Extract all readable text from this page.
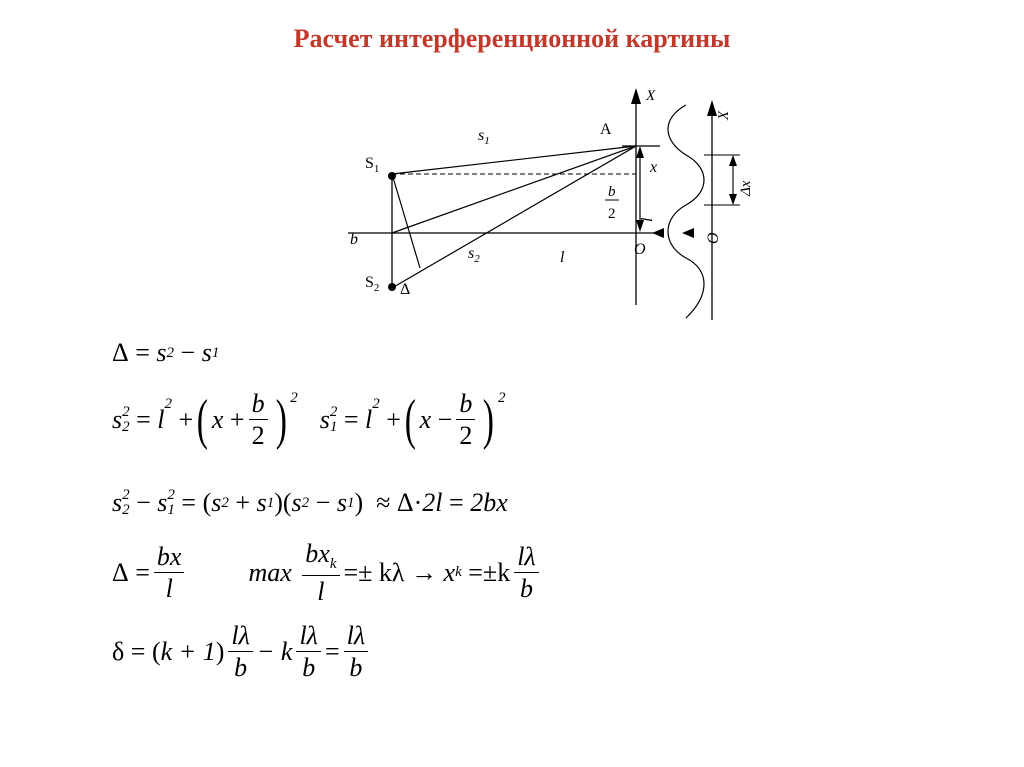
Расчет интерференционной картины
$s_1$
A
$S_1$
$S_2$ Δ
b
$s_2$	l
x
b
2 l
O
O
X
X
Δx
Δ
=
s 2
−
s 1
s 2
2
=
l
$^2$

+ ( x
+ $\frac{b}{2} )^2$
s 2
1
=
l
$^2$

+ ( x
− $\frac{b}{2} )^2$
s 2
2
−
s 2
1
= ( s 2
+
s 1 )( s 2
−
s 1 ) ≈
Δ · 2l
=
2bx
Δ
= $\frac{bx}{l}$ max
$\frac{bx_k}{l} =\pm k\lambda$
→
x k
$=\pm k \frac{l\lambda}{b}$
δ
= ( k + 1 ) $\frac{l\lambda}{b} - k \frac{l\lambda}{b} = \frac{l\lambda}{b}$
